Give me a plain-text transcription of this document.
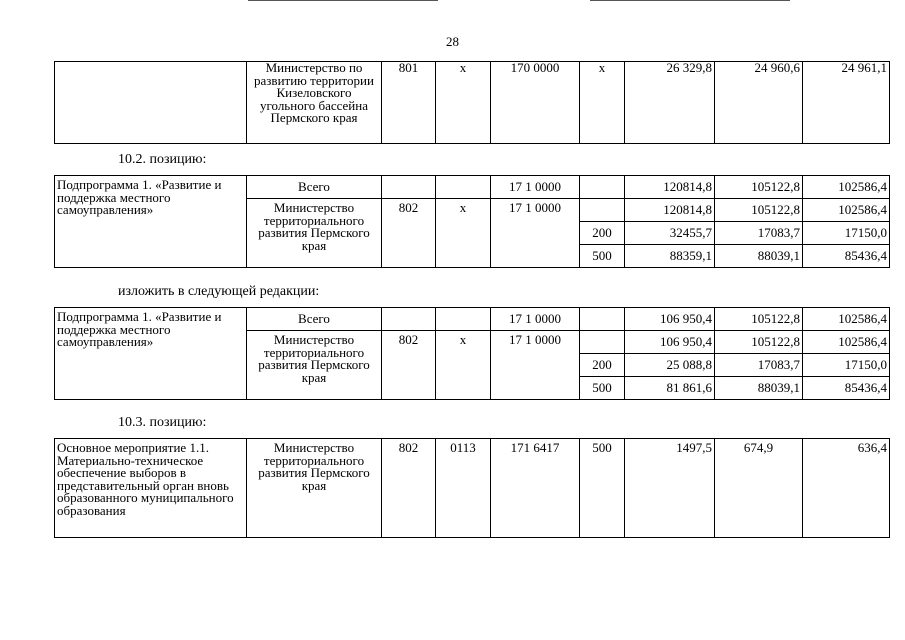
28
	Министерство по развитию территории Кизеловского угольного бассейна Пермского края	801	х	170 0000	х	26 329,8	24 960,6	24 961,1
10.2. позицию:
Подпрограмма 1. «Развитие и поддержка местного самоуправления»	Всего			17 1 0000		120814,8	105122,8	102586,4
	Министерство территориального развития Пермского края	802	х	17 1 0000		120814,8	105122,8	102586,4
					200	32455,7	17083,7	17150,0
					500	88359,1	88039,1	85436,4
изложить в следующей редакции:
Подпрограмма 1. «Развитие и поддержка местного самоуправления»	Всего			17 1 0000		106 950,4	105122,8	102586,4
	Министерство территориального развития Пермского края	802	х	17 1 0000		106 950,4	105122,8	102586,4
					200	25 088,8	17083,7	17150,0
					500	81 861,6	88039,1	85436,4
10.3. позицию:
Основное мероприятие 1.1. Материально-техническое обеспечение выборов в представительный орган вновь образованного муниципального образования	Министерство территориального развития Пермского края	802	0113	171 6417	500	1497,5	674,9	636,4
